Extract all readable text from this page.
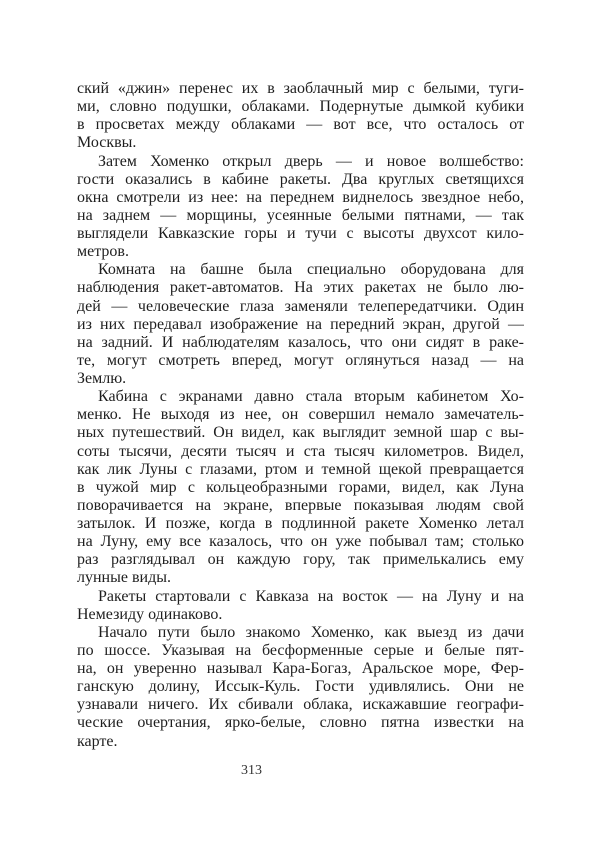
ский «джин» перенес их в заоблачный мир с белыми, туги-
ми, словно подушки, облаками. Подернутые дымкой кубики
в просветах между облаками — вот все, что осталось от
Москвы.
Затем Хоменко открыл дверь — и новое волшебство:
гости оказались в кабине ракеты. Два круглых светящихся
окна смотрели из нее: на переднем виднелось звездное небо,
на заднем — морщины, усеянные белыми пятнами, — так
выглядели Кавказские горы и тучи с высоты двухсот кило-
метров.
Комната на башне была специально оборудована для
наблюдения ракет-автоматов. На этих ракетах не было лю-
дей — человеческие глаза заменяли телепередатчики. Один
из них передавал изображение на передний экран, другой —
на задний. И наблюдателям казалось, что они сидят в раке-
те, могут смотреть вперед, могут оглянуться назад — на
Землю.
Кабина с экранами давно стала вторым кабинетом Хо-
менко. Не выходя из нее, он совершил немало замечатель-
ных путешествий. Он видел, как выглядит земной шар с вы-
соты тысячи, десяти тысяч и ста тысяч километров. Видел,
как лик Луны с глазами, ртом и темной щекой превращается
в чужой мир с кольцеобразными горами, видел, как Луна
поворачивается на экране, впервые показывая людям свой
затылок. И позже, когда в подлинной ракете Хоменко летал
на Луну, ему все казалось, что он уже побывал там; столько
раз разглядывал он каждую гору, так примелькались ему
лунные виды.
Ракеты стартовали с Кавказа на восток — на Луну и на
Немезиду одинаково.
Начало пути было знакомо Хоменко, как выезд из дачи
по шоссе. Указывая на бесформенные серые и белые пят-
на, он уверенно называл Кара-Богаз, Аральское море, Фер-
ганскую долину, Иссык-Куль. Гости удивлялись. Они не
узнавали ничего. Их сбивали облака, искажавшие географи-
ческие очертания, ярко-белые, словно пятна известки на
карте.
313
